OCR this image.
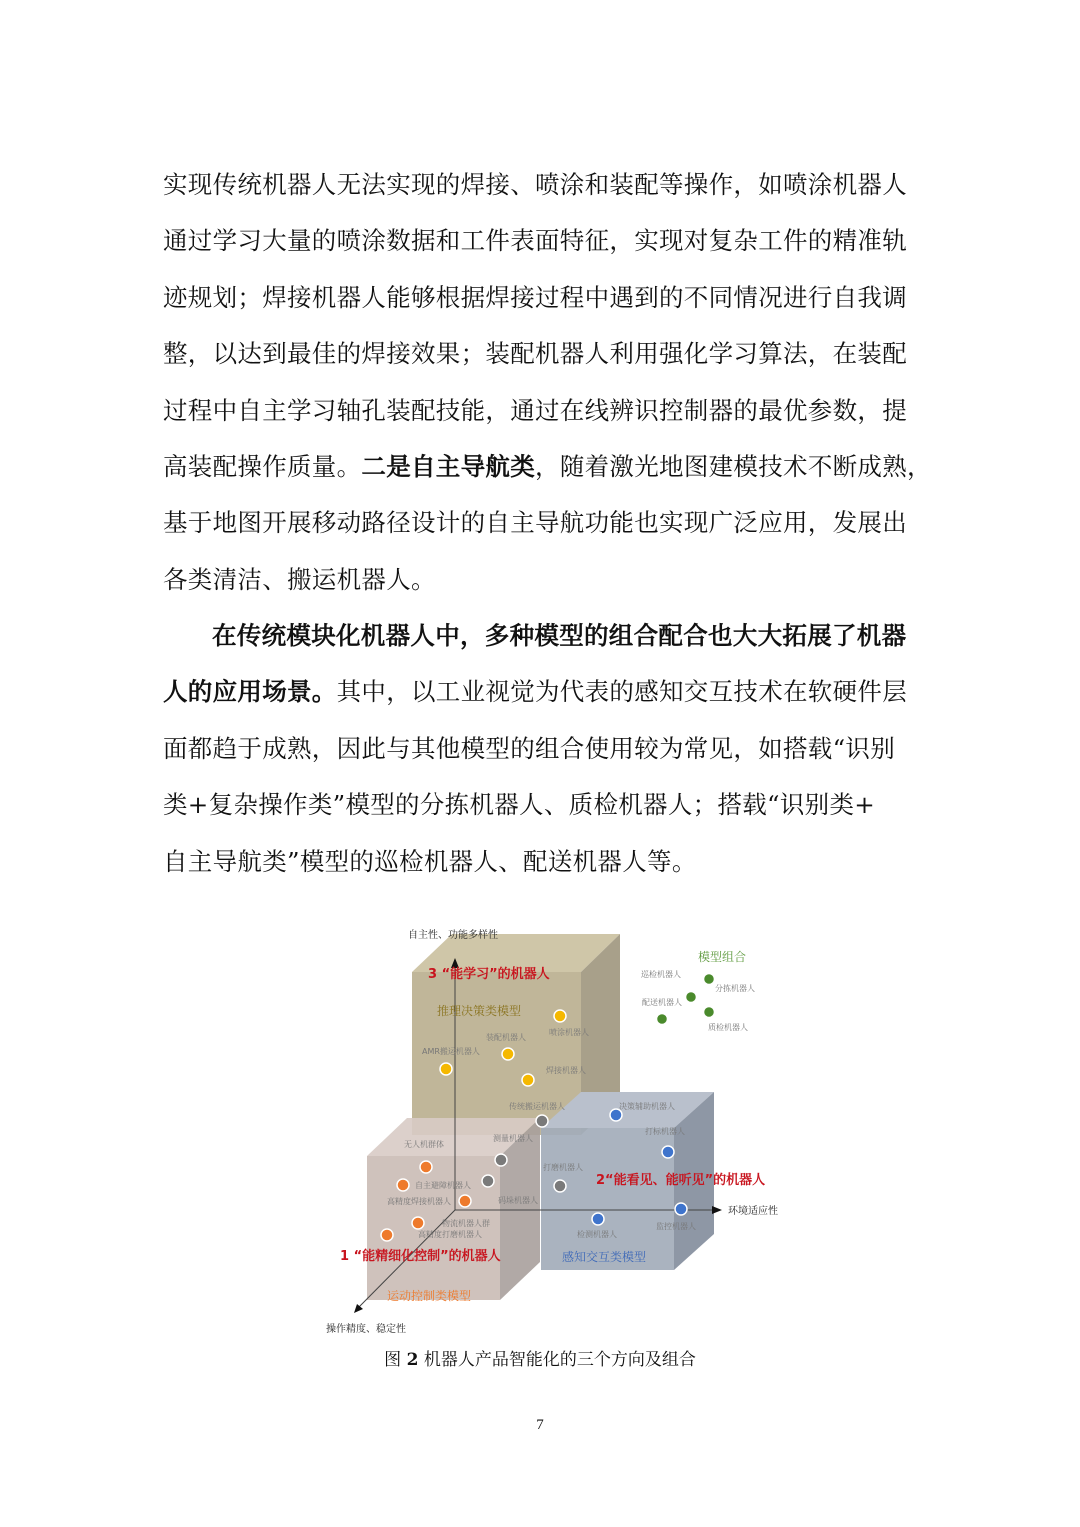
实现传统机器人无法实现的焊接、喷涂和装配等操作，如喷涂机器人
通过学习大量的喷涂数据和工件表面特征，实现对复杂工件的精准轨
迹规划；焊接机器人能够根据焊接过程中遇到的不同情况进行自我调
整，以达到最佳的焊接效果；装配机器人利用强化学习算法，在装配
过程中自主学习轴孔装配技能，通过在线辨识控制器的最优参数，提
高装配操作质量。二是自主导航类，随着激光地图建模技术不断成熟，
基于地图开展移动路径设计的自主导航功能也实现广泛应用，发展出
各类清洁、搬运机器人。

在传统模块化机器人中，多种模型的组合配合也大大拓展了机器
人的应用场景。其中，以工业视觉为代表的感知交互技术在软硬件层
面都趋于成熟，因此与其他模型的组合使用较为常见，如搭载“识别
类+复杂操作类”模型的分拣机器人、质检机器人；搭载“识别类+
自主导航类”模型的巡检机器人、配送机器人等。

自主性、功能多样性
环境适应性
操作精度、稳定性
3 “能学习”的机器人
2“能看见、能听见”的机器人
1 “能精细化控制”的机器人
推理决策类模型
感知交互类模型
运动控制类模型
模型组合
喷涂机器人
装配机器人
AMR搬运机器人
焊接机器人
传统搬运机器人
测量机器人
打磨机器人
码垛机器人
决策辅助机器人
打标机器人
监控机器人
检测机器人
无人机群体
自主避障机器人
高精度焊接机器人
物流机器人群
高精度打磨机器人
巡检机器人
分拣机器人
配送机器人
质检机器人
图 2 机器人产品智能化的三个方向及组合
7
